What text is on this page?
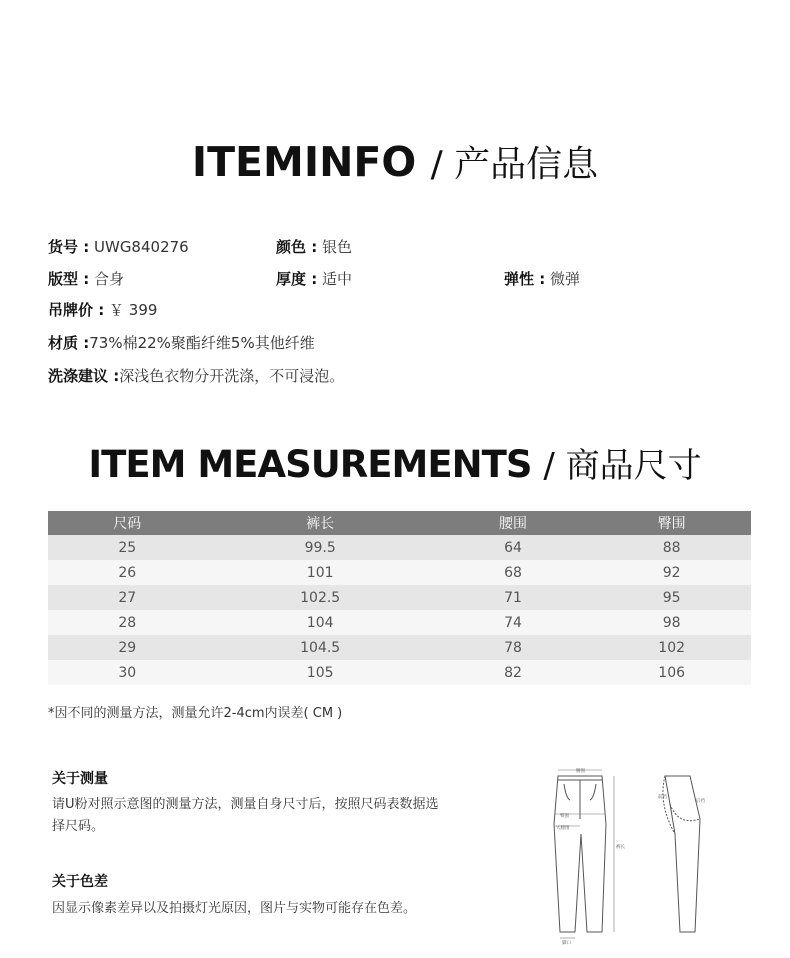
ITEMINFO / 产品信息
货号 : UWG840276	颜色 : 银色
版型 : 合身	厚度 : 适中	弹性 : 微弹
吊牌价 : ￥ 399
材质 :73%棉22%聚酯纤维5%其他纤维
洗涤建议 :深浅色衣物分开洗涤，不可浸泡。
ITEM MEASUREMENTS / 商品尺寸
尺码	裤长	腰围	臀围
25	99.5	64	88
26	101	68	92
27	102.5	71	95
28	104	74	98
29	104.5	78	102
30	105	82	106
*因不同的测量方法，测量允许2-4cm内误差( CM )
关于测量
请U粉对照示意图的测量方法，测量自身尺寸后，按照尺码表数据选
择尺码。
关于色差
因显示像素差异以及拍摄灯光原因，图片与实物可能存在色差。
腰围
臀围
大腿围
裤长
脚口
前裆
后裆
